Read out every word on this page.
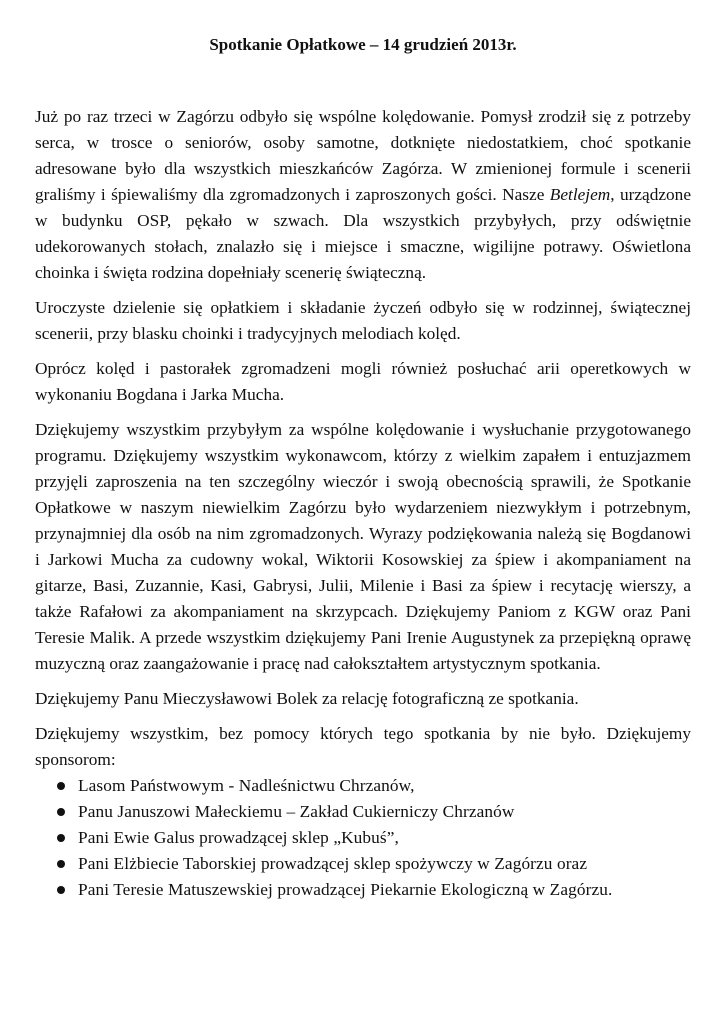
Spotkanie Opłatkowe – 14 grudzień 2013r.

Już po raz trzeci w Zagórzu odbyło się wspólne kolędowanie. Pomysł zrodził się z potrzeby serca, w trosce o seniorów, osoby samotne, dotknięte niedostatkiem, choć spotkanie adresowane było dla wszystkich mieszkańców Zagórza. W zmienionej formule i scenerii graliśmy i śpiewaliśmy dla zgromadzonych i zaproszonych gości. Nasze Betlejem, urządzone w budynku OSP, pękało w szwach. Dla wszystkich przybyłych, przy odświętnie udekorowanych stołach, znalazło się i miejsce i smaczne, wigilijne potrawy. Oświetlona choinka i święta rodzina dopełniały scenerię świąteczną.

Uroczyste dzielenie się opłatkiem i składanie życzeń odbyło się w rodzinnej, świątecznej scenerii, przy blasku choinki i tradycyjnych melodiach kolęd.

Oprócz kolęd i pastorałek zgromadzeni mogli również posłuchać arii operetkowych w wykonaniu Bogdana i Jarka Mucha.

Dziękujemy wszystkim przybyłym za wspólne kolędowanie i wysłuchanie przygotowanego programu. Dziękujemy wszystkim wykonawcom, którzy z wielkim zapałem i entuzjazmem przyjęli zaproszenia na ten szczególny wieczór i swoją obecnością sprawili, że Spotkanie Opłatkowe w naszym niewielkim Zagórzu było wydarzeniem niezwykłym i potrzebnym, przynajmniej dla osób na nim zgromadzonych. Wyrazy podziękowania należą się Bogdanowi i Jarkowi Mucha za cudowny wokal, Wiktorii Kosowskiej za śpiew i akompaniament na gitarze, Basi, Zuzannie, Kasi, Gabrysi, Julii, Milenie i Basi za śpiew i recytację wierszy, a także Rafałowi za akompaniament na skrzypcach. Dziękujemy Paniom z KGW oraz Pani Teresie Malik. A przede wszystkim dziękujemy Pani Irenie Augustynek za przepiękną oprawę muzyczną oraz zaangażowanie i pracę nad całokształtem artystycznym spotkania.

Dziękujemy Panu Mieczysławowi Bolek za relację fotograficzną ze spotkania.

Dziękujemy wszystkim, bez pomocy których tego spotkania by nie było. Dziękujemy sponsorom:

Lasom Państwowym - Nadleśnictwu Chrzanów,
Panu Januszowi Małeckiemu – Zakład Cukierniczy Chrzanów
Pani Ewie Galus prowadzącej sklep „Kubuś”,
Pani Elżbiecie Taborskiej prowadzącej sklep spożywczy w Zagórzu oraz
Pani Teresie Matuszewskiej prowadzącej Piekarnie Ekologiczną w Zagórzu.
